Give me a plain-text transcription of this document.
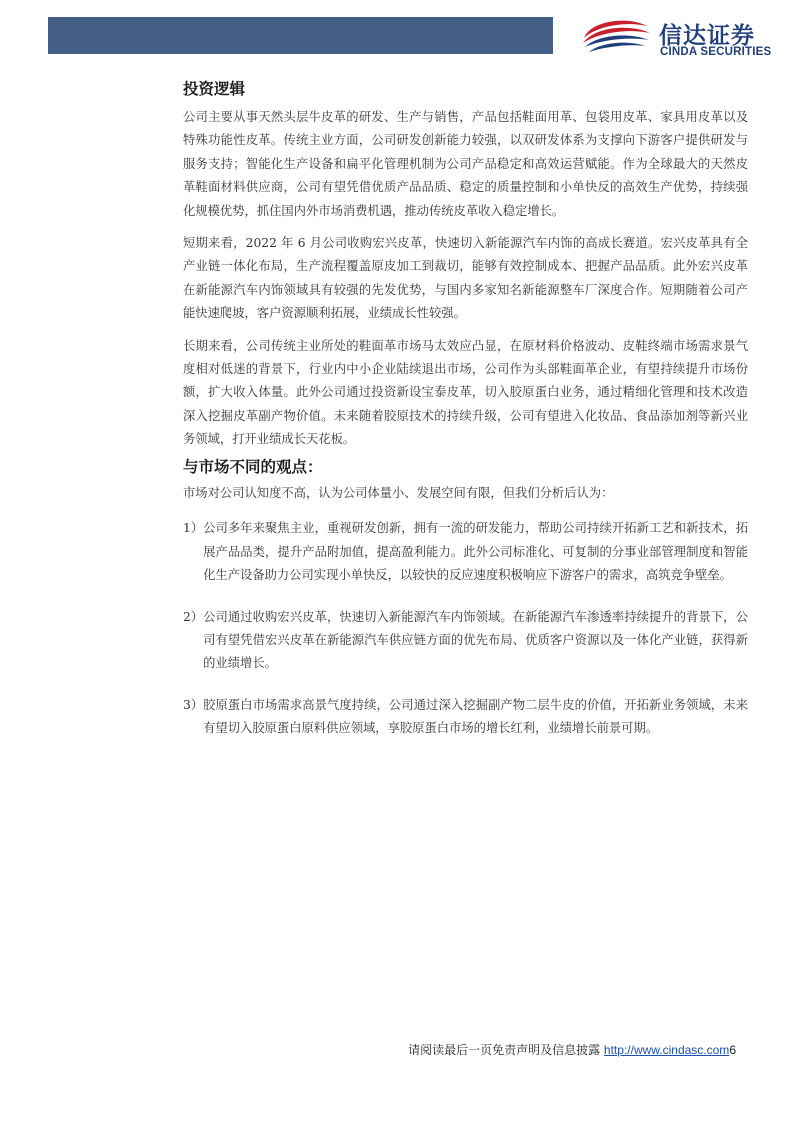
信达证券
CINDA SECURITIES
投资逻辑

公司主要从事天然头层牛皮革的研发、生产与销售，产品包括鞋面用革、包袋用皮革、家具用皮革以及特殊功能性皮革。传统主业方面，公司研发创新能力较强，以双研发体系为支撑向下游客户提供研发与服务支持；智能化生产设备和扁平化管理机制为公司产品稳定和高效运营赋能。作为全球最大的天然皮革鞋面材料供应商，公司有望凭借优质产品品质、稳定的质量控制和小单快反的高效生产优势，持续强化规模优势，抓住国内外市场消费机遇，推动传统皮革收入稳定增长。

短期来看，2022 年 6 月公司收购宏兴皮革，快速切入新能源汽车内饰的高成长赛道。宏兴皮革具有全产业链一体化布局，生产流程覆盖原皮加工到裁切，能够有效控制成本、把握产品品质。此外宏兴皮革在新能源汽车内饰领域具有较强的先发优势，与国内多家知名新能源整车厂深度合作。短期随着公司产能快速爬坡，客户资源顺利拓展，业绩成长性较强。

长期来看，公司传统主业所处的鞋面革市场马太效应凸显，在原材料价格波动、皮鞋终端市场需求景气度相对低迷的背景下，行业内中小企业陆续退出市场，公司作为头部鞋面革企业，有望持续提升市场份额，扩大收入体量。此外公司通过投资新设宝泰皮革，切入胶原蛋白业务，通过精细化管理和技术改造深入挖掘皮革副产物价值。未来随着胶原技术的持续升级，公司有望进入化妆品、食品添加剂等新兴业务领域，打开业绩成长天花板。

与市场不同的观点：

市场对公司认知度不高，认为公司体量小、发展空间有限，但我们分析后认为：

1） 公司多年来聚焦主业，重视研发创新，拥有一流的研发能力，帮助公司持续开拓新工艺和新技术，拓展产品品类，提升产品附加值，提高盈利能力。此外公司标准化、可复制的分事业部管理制度和智能化生产设备助力公司实现小单快反，以较快的反应速度积极响应下游客户的需求，高筑竞争壁垒。
2） 公司通过收购宏兴皮革，快速切入新能源汽车内饰领域。在新能源汽车渗透率持续提升的背景下，公司有望凭借宏兴皮革在新能源汽车供应链方面的优先布局、优质客户资源以及一体化产业链，获得新的业绩增长。
3） 胶原蛋白市场需求高景气度持续，公司通过深入挖掘副产物二层牛皮的价值，开拓新业务领域，未来有望切入胶原蛋白原料供应领域，享胶原蛋白市场的增长红利，业绩增长前景可期。
请阅读最后一页免责声明及信息披露 http://www.cindasc.com6
